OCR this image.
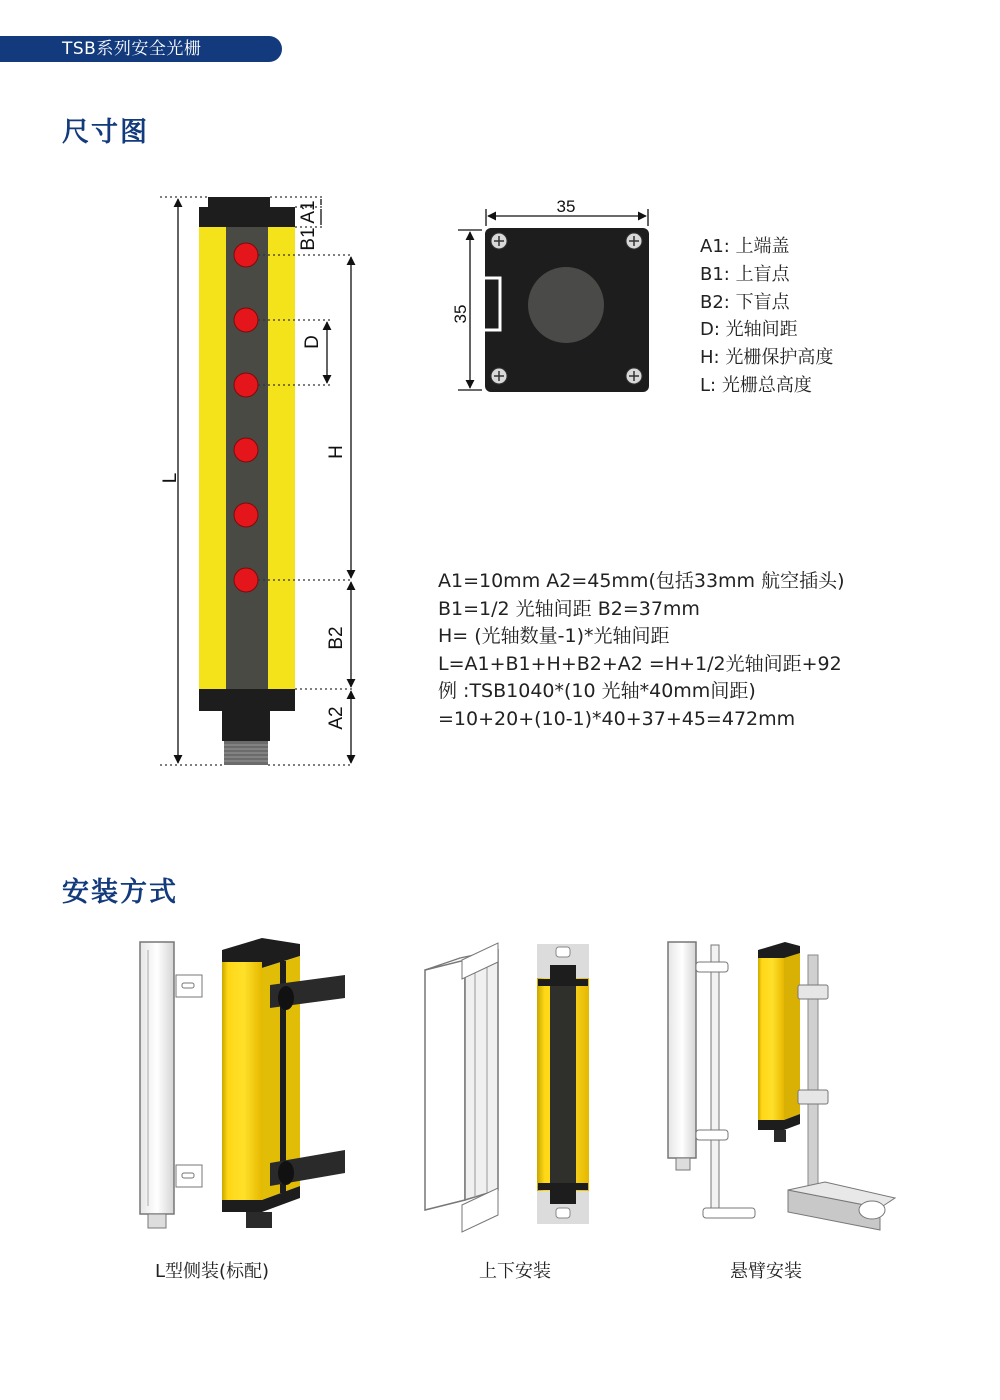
TSB系列安全光栅
尺寸图
L
B1
A1
D
H
B2
A2
35
35
A1: 上端盖
B1: 上盲点
B2: 下盲点
D: 光轴间距
H: 光栅保护高度
L: 光栅总高度
A1=10mm A2=45mm(包括33mm 航空插头)
B1=1/2 光轴间距 B2=37mm
H= (光轴数量-1)*光轴间距
L=A1+B1+H+B2+A2 =H+1/2光轴间距+92
例 :TSB1040*(10 光轴*40mm间距)
=10+20+(10-1)*40+37+45=472mm
安装方式
L型侧装(标配)	上下安装	悬臂安装
